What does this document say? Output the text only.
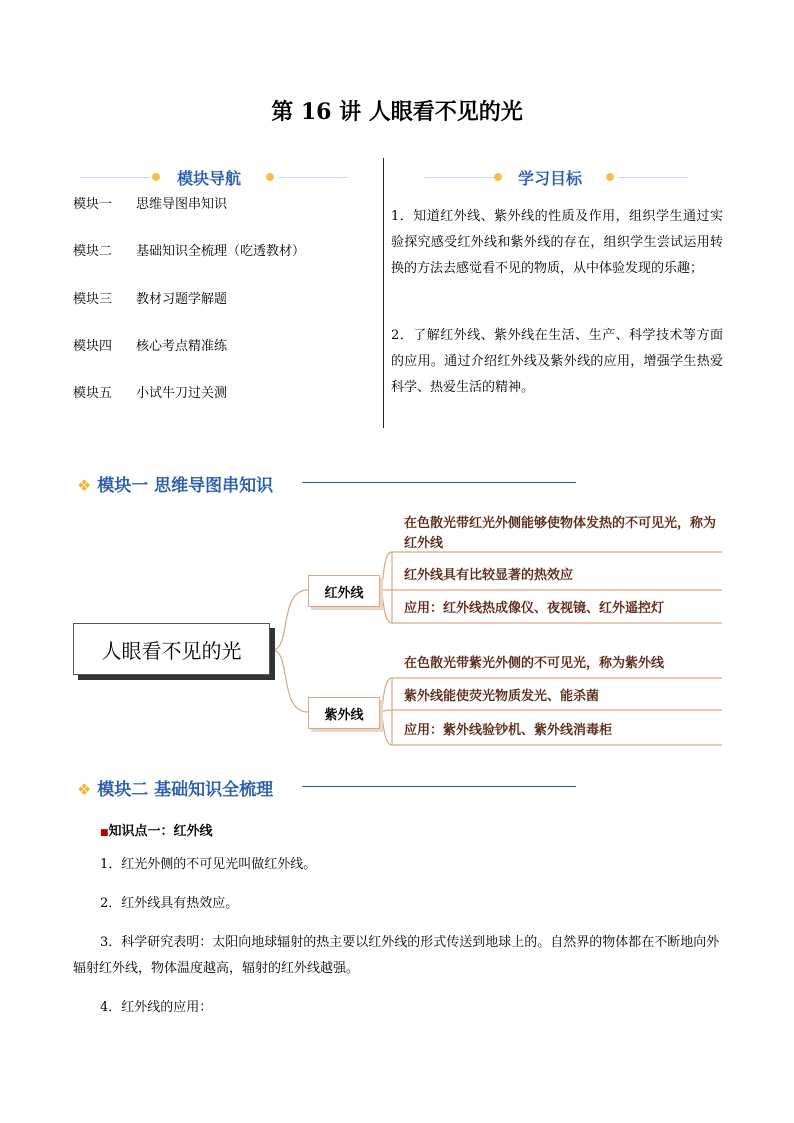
第 16 讲 人眼看不见的光
模块导航
模块一 思维导图串知识
模块二 基础知识全梳理（吃透教材）
模块三 教材习题学解题
模块四 核心考点精准练
模块五 小试牛刀过关测
学习目标
1．知道红外线、紫外线的性质及作用，组织学生通过实验探究感受红外线和紫外线的存在，组织学生尝试运用转换的方法去感觉看不见的物质，从中体验发现的乐趣；
2．了解红外线、紫外线在生活、生产、科学技术等方面的应用。通过介绍红外线及紫外线的应用，增强学生热爱科学、热爱生活的精神。
❖ 模块一 思维导图串知识
人眼看不见的光
红外线
紫外线
在色散光带红光外侧能够使物体发热的不可见光，称为红外线
红外线具有比较显著的热效应
应用：红外线热成像仪、夜视镜、红外遥控灯
在色散光带紫光外侧的不可见光，称为紫外线
紫外线能使荧光物质发光、能杀菌
应用：紫外线验钞机、紫外线消毒柜
❖ 模块二 基础知识全梳理
■知识点一：红外线
1．红光外侧的不可见光叫做红外线。
2．红外线具有热效应。
3．科学研究表明：太阳向地球辐射的热主要以红外线的形式传送到地球上的。自然界的物体都在不断地向外辐射红外线，物体温度越高，辐射的红外线越强。
4．红外线的应用：
